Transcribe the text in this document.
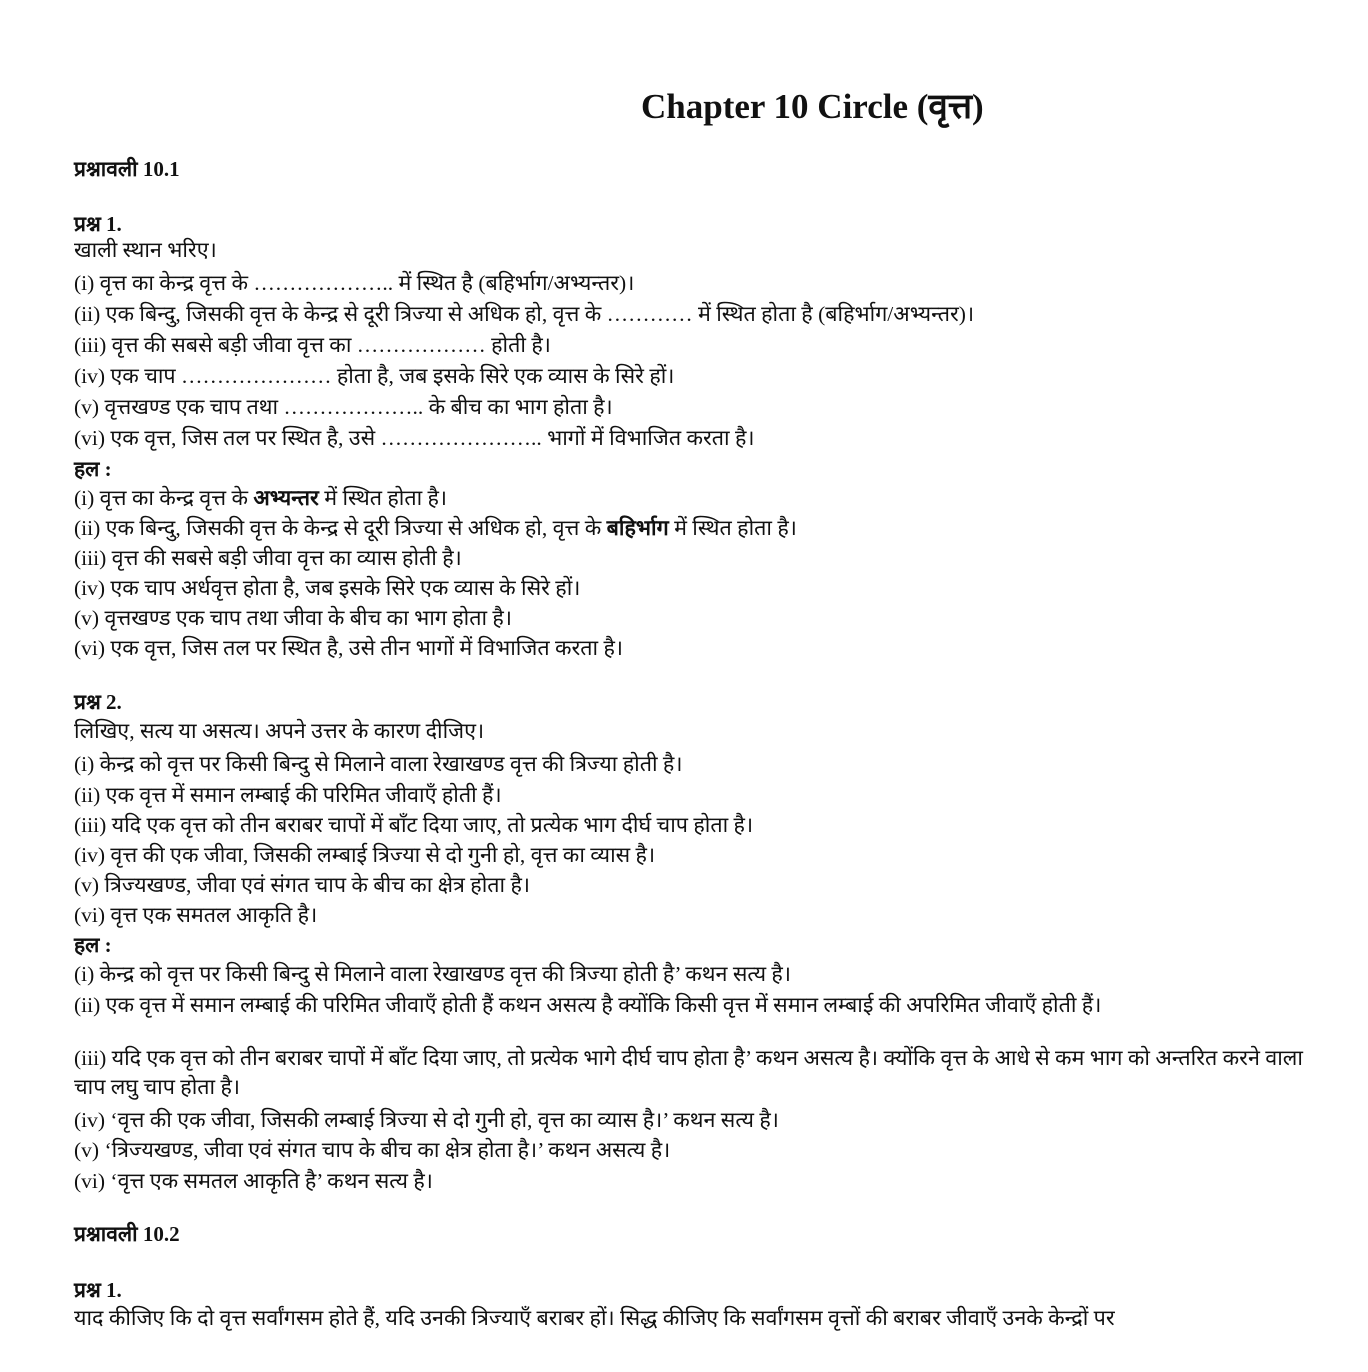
Chapter 10 Circle (वृत्त)
प्रश्नावली 10.1
प्रश्न 1.
खाली स्थान भरिए।
(i) वृत्त का केन्द्र वृत्त के ……………….. में स्थित है (बहिर्भाग/अभ्यन्तर)।
(ii) एक बिन्दु, जिसकी वृत्त के केन्द्र से दूरी त्रिज्या से अधिक हो, वृत्त के ………… में स्थित होता है (बहिर्भाग/अभ्यन्तर)।
(iii) वृत्त की सबसे बड़ी जीवा वृत्त का ……………… होती है।
(iv) एक चाप ………………… होता है, जब इसके सिरे एक व्यास के सिरे हों।
(v) वृत्तखण्ड एक चाप तथा ……………….. के बीच का भाग होता है।
(vi) एक वृत्त, जिस तल पर स्थित है, उसे ………………….. भागों में विभाजित करता है।
हल :
(i) वृत्त का केन्द्र वृत्त के अभ्यन्तर में स्थित होता है।
(ii) एक बिन्दु, जिसकी वृत्त के केन्द्र से दूरी त्रिज्या से अधिक हो, वृत्त के बहिर्भाग में स्थित होता है।
(iii) वृत्त की सबसे बड़ी जीवा वृत्त का व्यास होती है।
(iv) एक चाप अर्धवृत्त होता है, जब इसके सिरे एक व्यास के सिरे हों।
(v) वृत्तखण्ड एक चाप तथा जीवा के बीच का भाग होता है।
(vi) एक वृत्त, जिस तल पर स्थित है, उसे तीन भागों में विभाजित करता है।
प्रश्न 2.
लिखिए, सत्य या असत्य। अपने उत्तर के कारण दीजिए।
(i) केन्द्र को वृत्त पर किसी बिन्दु से मिलाने वाला रेखाखण्ड वृत्त की त्रिज्या होती है।
(ii) एक वृत्त में समान लम्बाई की परिमित जीवाएँ होती हैं।
(iii) यदि एक वृत्त को तीन बराबर चापों में बाँट दिया जाए, तो प्रत्येक भाग दीर्घ चाप होता है।
(iv) वृत्त की एक जीवा, जिसकी लम्बाई त्रिज्या से दो गुनी हो, वृत्त का व्यास है।
(v) त्रिज्यखण्ड, जीवा एवं संगत चाप के बीच का क्षेत्र होता है।
(vi) वृत्त एक समतल आकृति है।
हल :
(i) केन्द्र को वृत्त पर किसी बिन्दु से मिलाने वाला रेखाखण्ड वृत्त की त्रिज्या होती है’ कथन सत्य है।
(ii) एक वृत्त में समान लम्बाई की परिमित जीवाएँ होती हैं कथन असत्य है क्योंकि किसी वृत्त में समान लम्बाई की अपरिमित जीवाएँ होती हैं।
(iii) यदि एक वृत्त को तीन बराबर चापों में बाँट दिया जाए, तो प्रत्येक भागे दीर्घ चाप होता है’ कथन असत्य है। क्योंकि वृत्त के आधे से कम भाग को अन्तरित करने वाला चाप लघु चाप होता है।
(iv) ‘वृत्त की एक जीवा, जिसकी लम्बाई त्रिज्या से दो गुनी हो, वृत्त का व्यास है।’ कथन सत्य है।
(v) ‘त्रिज्यखण्ड, जीवा एवं संगत चाप के बीच का क्षेत्र होता है।’ कथन असत्य है।
(vi) ‘वृत्त एक समतल आकृति है’ कथन सत्य है।
प्रश्नावली 10.2
प्रश्न 1.
याद कीजिए कि दो वृत्त सर्वांगसम होते हैं, यदि उनकी त्रिज्याएँ बराबर हों। सिद्ध कीजिए कि सर्वांगसम वृत्तों की बराबर जीवाएँ उनके केन्द्रों पर
